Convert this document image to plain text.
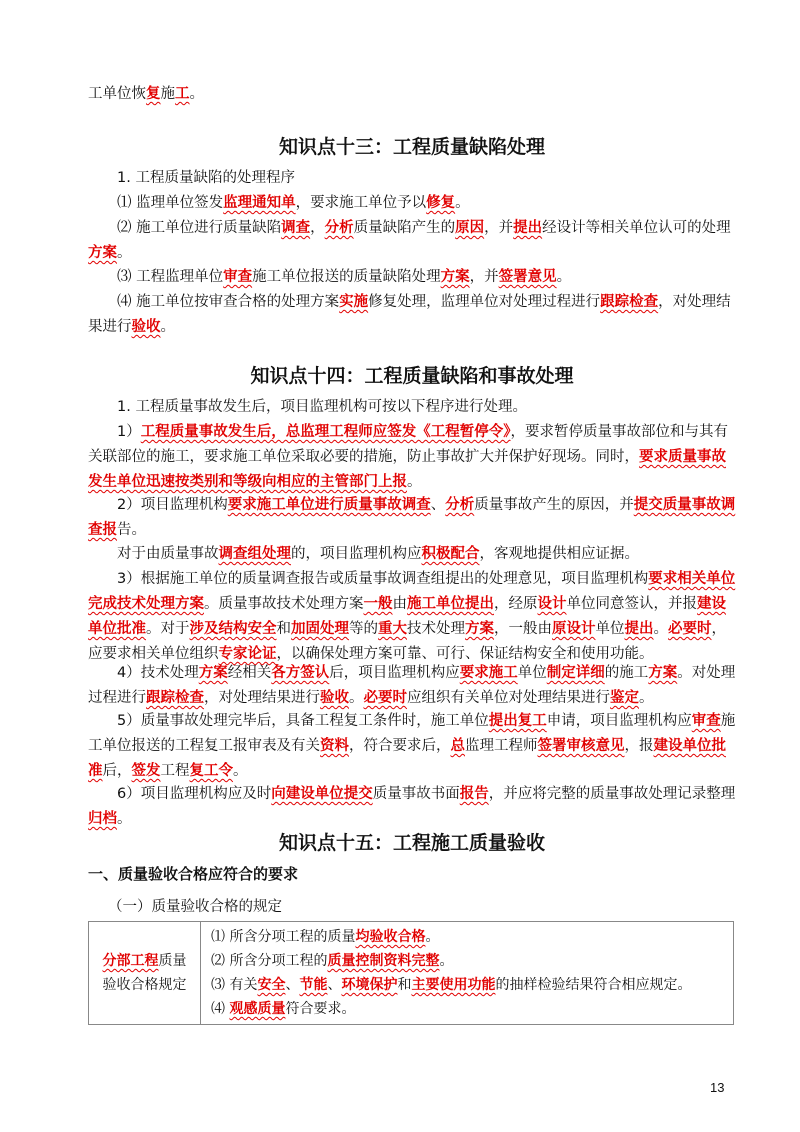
工单位恢复施工。

知识点十三：工程质量缺陷处理

1. 工程质量缺陷的处理程序

⑴ 监理单位签发监理通知单，要求施工单位予以修复。

⑵ 施工单位进行质量缺陷调查，分析质量缺陷产生的原因，并提出经设计等相关单位认可的处理方案。

⑶ 工程监理单位审查施工单位报送的质量缺陷处理方案，并签署意见。

⑷ 施工单位按审查合格的处理方案实施修复处理，监理单位对处理过程进行跟踪检查，对处理结果进行验收。

知识点十四：工程质量缺陷和事故处理

1. 工程质量事故发生后，项目监理机构可按以下程序进行处理。

1）工程质量事故发生后，总监理工程师应签发《工程暂停令》，要求暂停质量事故部位和与其有关联部位的施工，要求施工单位采取必要的措施，防止事故扩大并保护好现场。同时，要求质量事故发生单位迅速按类别和等级向相应的主管部门上报。

2）项目监理机构要求施工单位进行质量事故调查、分析质量事故产生的原因，并提交质量事故调查报告。

对于由质量事故调查组处理的，项目监理机构应积极配合，客观地提供相应证据。

3）根据施工单位的质量调查报告或质量事故调查组提出的处理意见，项目监理机构要求相关单位完成技术处理方案。质量事故技术处理方案一般由施工单位提出，经原设计单位同意签认，并报建设单位批准。对于涉及结构安全和加固处理等的重大技术处理方案，一般由原设计单位提出。必要时，应要求相关单位组织专家论证，以确保处理方案可靠、可行、保证结构安全和使用功能。

4）技术处理方案经相关各方签认后，项目监理机构应要求施工单位制定详细的施工方案。对处理过程进行跟踪检查，对处理结果进行验收。必要时应组织有关单位对处理结果进行鉴定。

5）质量事故处理完毕后，具备工程复工条件时，施工单位提出复工申请，项目监理机构应审查施工单位报送的工程复工报审表及有关资料，符合要求后，总监理工程师签署审核意见，报建设单位批准后，签发工程复工令。

6）项目监理机构应及时向建设单位提交质量事故书面报告，并应将完整的质量事故处理记录整理归档。

知识点十五：工程施工质量验收
一、质量验收合格应符合的要求

（一）质量验收合格的规定

分部工程质量
验收合格规定

⑴ 所含分项工程的质量均验收合格。
⑵ 所含分项工程的质量控制资料完整。
⑶ 有关安全、节能、环境保护和主要使用功能的抽样检验结果符合相应规定。
⑷ 观感质量符合要求。
13
